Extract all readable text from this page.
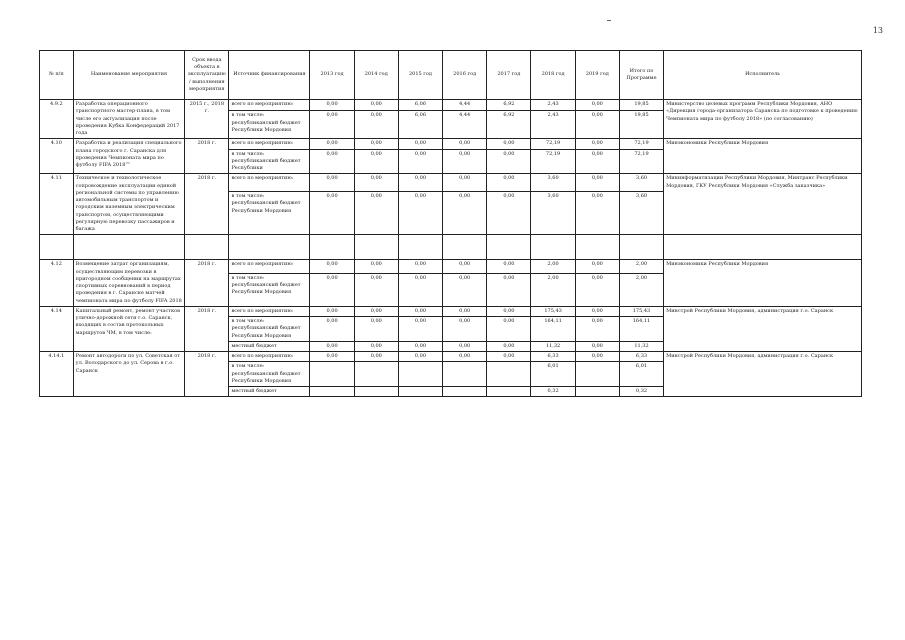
13
№ п/п	Наименование мероприятия	Срок ввода объекта в эксплуатацию/ выполнения мероприятия	Источник финансирования	2013 год	2014 год	2015 год	2016 год	2017 год	2018 год	2019 год	Итого по Программе	Исполнитель
4.9.2	Разработка операционного транспортного мастер-плана, в том числе его актуализация после проведения Кубка Конфедераций 2017 года	2015 г., 2018 г.	всего по мероприятию:	0,00	0,00	6,06	4,44	6,92	2,43	0,00	19,85	Министерство целевых программ Республики Мордовия, АНО «Дирекция города-организатора Саранска по подготовке к проведению Чемпионата мира по футболу 2018» (по согласованию)
			в том числе: республиканский бюджет Республики Мордовия	0,00	0,00	6,06	4,44	6,92	2,43	0,00	19,85	
4.10	Разработка и реализация специального плана городского г. Саранска для проведения Чемпионата мира по футболу FIFA 2018™	2018 г.	всего по мероприятию:	0,00	0,00	0,00	0,00	0,00	72,19	0,00	72,19	Минэкономики Республики Мордовия
			в том числе: республиканский бюджет Республики	0,00	0,00	0,00	0,00	0,00	72,19	0,00	72,19	
4.11	Техническое и технологическое сопровождение эксплуатации единой региональной системы по управлению автомобильным транспортом и городским наземным электрическим транспортом, осуществляющими регулярную перевозку пассажиров и багажа	2018 г.	всего по мероприятию:	0,00	0,00	0,00	0,00	0,00	3,60	0,00	3,60	Мининформатизации Республики Мордовия, Минтранс Республики Мордовия, ГКУ Республики Мордовия «Служба заказчика»
			в том числе: республиканский бюджет Республики Мордовия	0,00	0,00	0,00	0,00	0,00	3,60	0,00	3,60	

4.12	Возмещение затрат организациям, осуществляющим перевозки в пригородном сообщении на маршрутах спортивных соревнований в период проведения в г. Саранске матчей чемпионата мира по футболу FIFA 2018	2018 г.	всего по мероприятию:	0,00	0,00	0,00	0,00	0,00	2,00	0,00	2,00	Минэкономики Республики Мордовия
			в том числе: республиканский бюджет Республики Мордовия	0,00	0,00	0,00	0,00	0,00	2,00	0,00	2,00	
4.14	Капитальный ремонт, ремонт участков улично-дорожной сети г.о. Саранск, входящих в состав протокольных маршрутов ЧМ, в том числе:	2018 г.	всего по мероприятию:	0,00	0,00	0,00	0,00	0,00	175,43	0,00	175,43	Минстрой Республики Мордовия, администрация г.о. Саранск
			в том числе: республиканский бюджет Республики Мордовия	0,00	0,00	0,00	0,00	0,00	164,11	0,00	164,11	
			местный бюджет	0,00	0,00	0,00	0,00	0,00	11,32	0,00	11,32	
4.14.1	Ремонт автодороги по ул. Советская от ул. Володарского до ул. Серова в г.о. Саранск	2018 г.	всего по мероприятию:	0,00	0,00	0,00	0,00	0,00	6,33	0,00	6,33	Минстрой Республики Мордовия, администрация г.о. Саранск
			в том числе: республиканский бюджет Республики Мордовия						6,01		6,01	
			местный бюджет						0,32		0,32	
